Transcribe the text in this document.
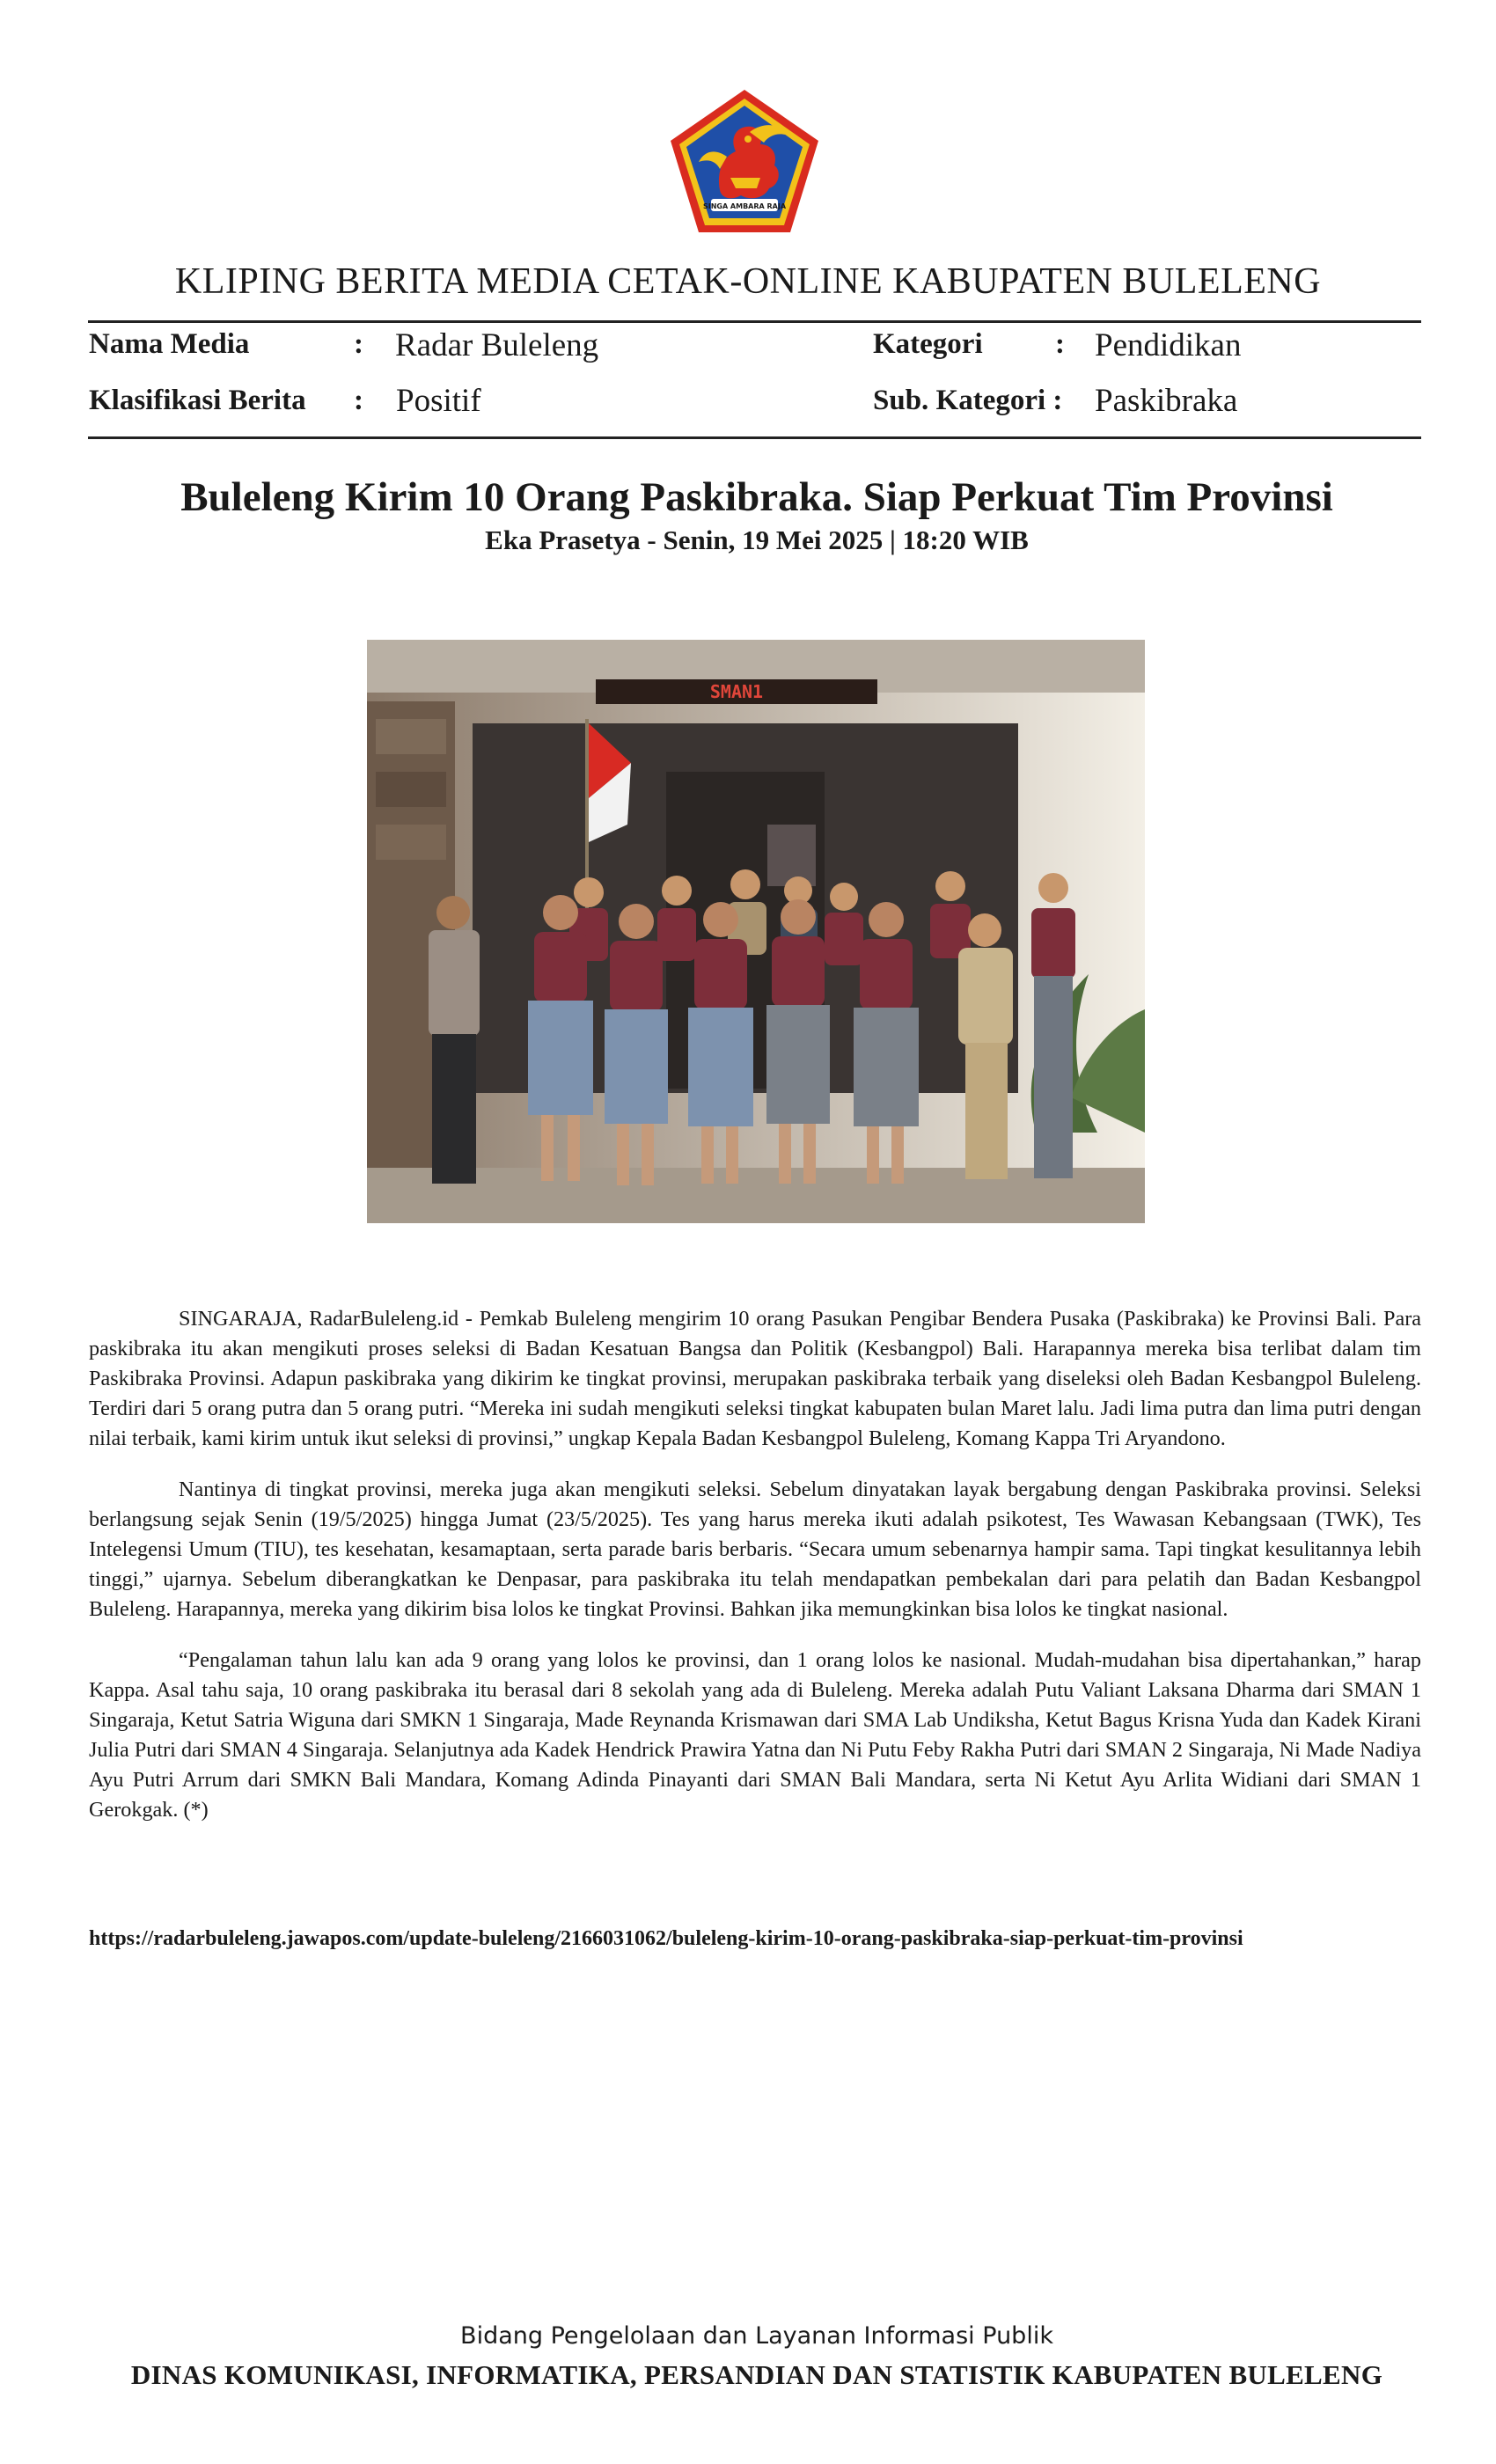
SINGA AMBARA RAJA
KLIPING BERITA MEDIA CETAK-ONLINE KABUPATEN BULELENG
Nama Media	: Radar Buleleng	Kategori : Pendidikan
Klasifikasi Berita : Positif	Sub. Kategori : Paskibraka
Buleleng Kirim 10 Orang Paskibraka. Siap Perkuat Tim Provinsi
Eka Prasetya - Senin, 19 Mei 2025 | 18:20 WIB
SMAN1

SINGARAJA, RadarBuleleng.id - Pemkab Buleleng mengirim 10 orang Pasukan Pengibar Bendera Pusaka (Paskibraka) ke Provinsi Bali. Para paskibraka itu akan mengikuti proses seleksi di Badan Kesatuan Bangsa dan Politik (Kesbangpol) Bali. Harapannya mereka bisa terlibat dalam tim Paskibraka Provinsi. Adapun paskibraka yang dikirim ke tingkat provinsi, merupakan paskibraka terbaik yang diseleksi oleh Badan Kesbangpol Buleleng. Terdiri dari 5 orang putra dan 5 orang putri. “Mereka ini sudah mengikuti seleksi tingkat kabupaten bulan Maret lalu. Jadi lima putra dan lima putri dengan nilai terbaik, kami kirim untuk ikut seleksi di provinsi,” ungkap Kepala Badan Kesbangpol Buleleng, Komang Kappa Tri Aryandono.

Nantinya di tingkat provinsi, mereka juga akan mengikuti seleksi. Sebelum dinyatakan layak bergabung dengan Paskibraka provinsi. Seleksi berlangsung sejak Senin (19/5/2025) hingga Jumat (23/5/2025). Tes yang harus mereka ikuti adalah psikotest, Tes Wawasan Kebangsaan (TWK), Tes Intelegensi Umum (TIU), tes kesehatan, kesamaptaan, serta parade baris berbaris. “Secara umum sebenarnya hampir sama. Tapi tingkat kesulitannya lebih tinggi,” ujarnya. Sebelum diberangkatkan ke Denpasar, para paskibraka itu telah mendapatkan pembekalan dari para pelatih dan Badan Kesbangpol Buleleng. Harapannya, mereka yang dikirim bisa lolos ke tingkat Provinsi. Bahkan jika memungkinkan bisa lolos ke tingkat nasional.

“Pengalaman tahun lalu kan ada 9 orang yang lolos ke provinsi, dan 1 orang lolos ke nasional. Mudah-mudahan bisa dipertahankan,” harap Kappa. Asal tahu saja, 10 orang paskibraka itu berasal dari 8 sekolah yang ada di Buleleng. Mereka adalah Putu Valiant Laksana Dharma dari SMAN 1 Singaraja, Ketut Satria Wiguna dari SMKN 1 Singaraja, Made Reynanda Krismawan dari SMA Lab Undiksha, Ketut Bagus Krisna Yuda dan Kadek Kirani Julia Putri dari SMAN 4 Singaraja. Selanjutnya ada Kadek Hendrick Prawira Yatna dan Ni Putu Feby Rakha Putri dari SMAN 2 Singaraja, Ni Made Nadiya Ayu Putri Arrum dari SMKN Bali Mandara, Komang Adinda Pinayanti dari SMAN Bali Mandara, serta Ni Ketut Ayu Arlita Widiani dari SMAN 1 Gerokgak. (*)

https://radarbuleleng.jawapos.com/update-buleleng/2166031062/buleleng-kirim-10-orang-paskibraka-siap-perkuat-tim-provinsi
Bidang Pengelolaan dan Layanan Informasi Publik
DINAS KOMUNIKASI, INFORMATIKA, PERSANDIAN DAN STATISTIK KABUPATEN BULELENG
